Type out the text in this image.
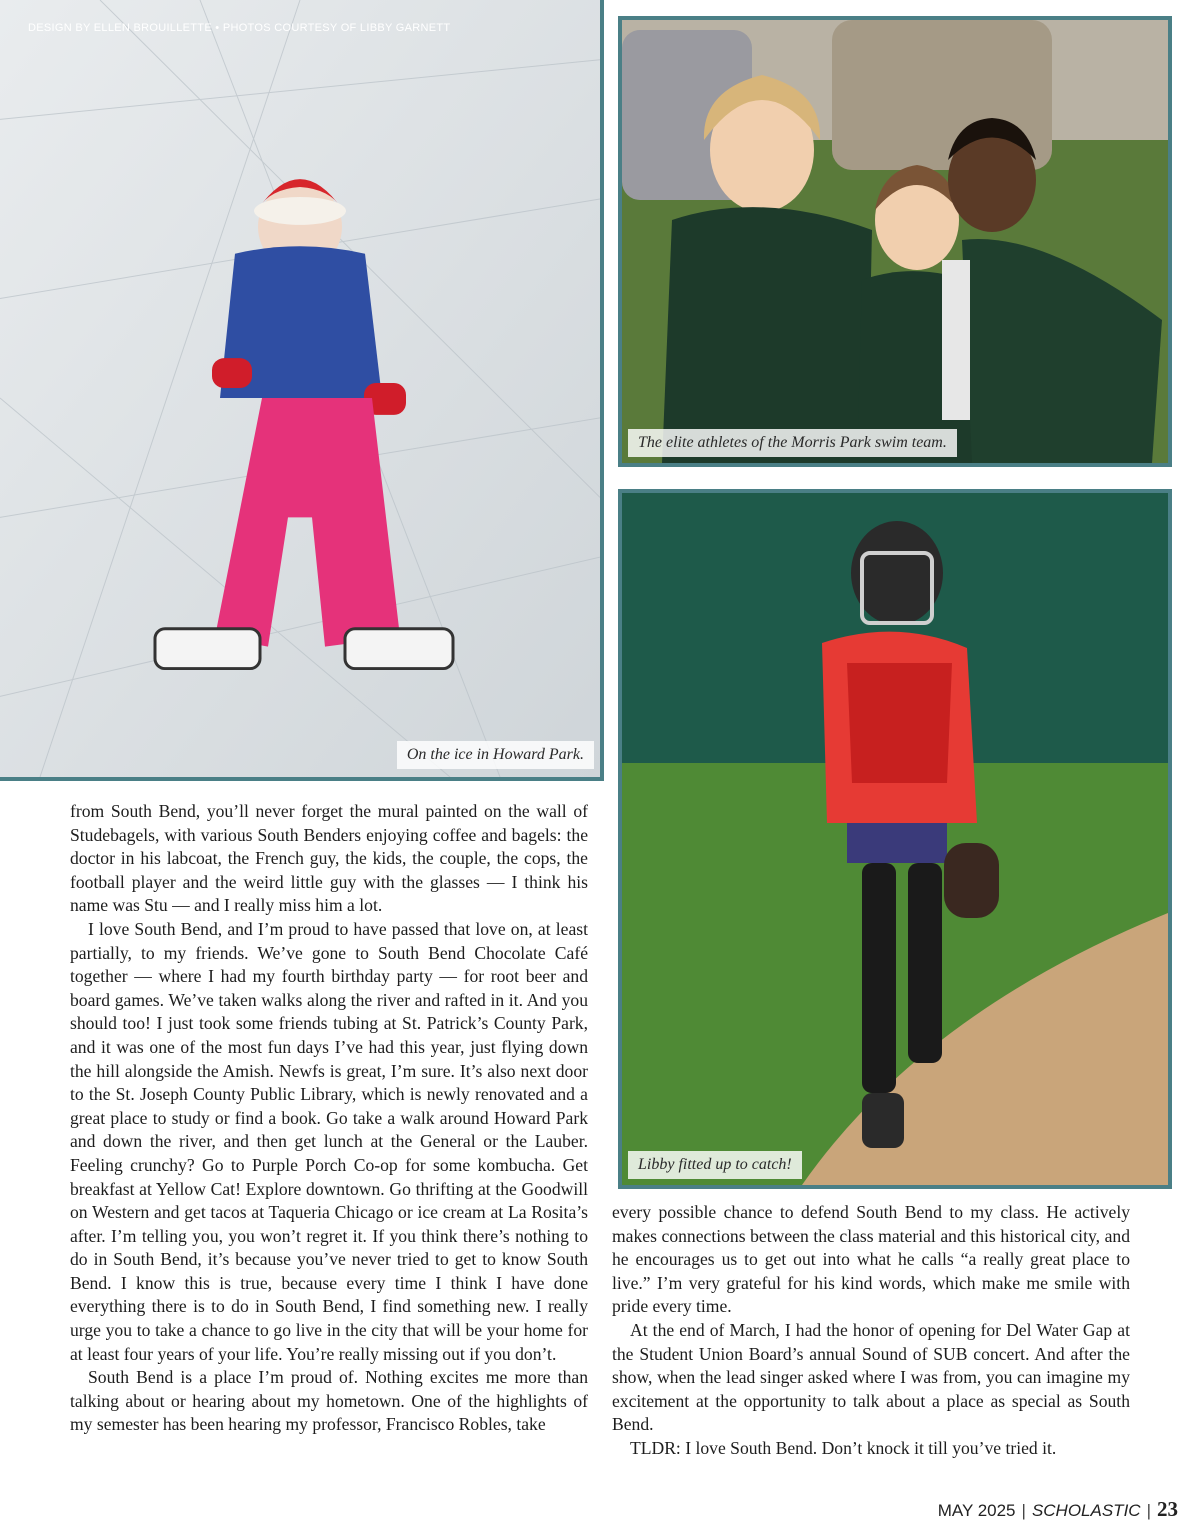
DESIGN BY ELLEN BROUILLETTE • PHOTOS COURTESY OF LIBBY GARNETT
On the ice in Howard Park.
The elite athletes of the Morris Park swim team.
Libby fitted up to catch!

from South Bend, you’ll never forget the mural painted on the wall of Studebagels, with various South Benders enjoying coffee and bagels: the doctor in his labcoat, the French guy, the kids, the couple, the cops, the football player and the weird little guy with the glasses — I think his name was Stu — and I really miss him a lot.

I love South Bend, and I’m proud to have passed that love on, at least partially, to my friends. We’ve gone to South Bend Chocolate Café together — where I had my fourth birthday party — for root beer and board games. We’ve taken walks along the river and rafted in it. And you should too! I just took some friends tubing at St. Patrick’s County Park, and it was one of the most fun days I’ve had this year, just flying down the hill alongside the Amish. Newfs is great, I’m sure. It’s also next door to the St. Joseph County Public Library, which is newly renovated and a great place to study or find a book. Go take a walk around Howard Park and down the river, and then get lunch at the General or the Lauber. Feeling crunchy? Go to Purple Porch Co-op for some kombucha. Get breakfast at Yellow Cat! Explore downtown. Go thrifting at the Goodwill on Western and get tacos at Taqueria Chicago or ice cream at La Rosita’s after. I’m telling you, you won’t regret it. If you think there’s nothing to do in South Bend, it’s because you’ve never tried to get to know South Bend. I know this is true, because every time I think I have done everything there is to do in South Bend, I find something new. I really urge you to take a chance to go live in the city that will be your home for at least four years of your life. You’re really missing out if you don’t.

South Bend is a place I’m proud of. Nothing excites me more than talking about or hearing about my hometown. One of the highlights of my semester has been hearing my professor, Francisco Robles, take

every possible chance to defend South Bend to my class. He actively makes connections between the class material and this historical city, and he encourages us to get out into what he calls “a really great place to live.” I’m very grateful for his kind words, which make me smile with pride every time.

At the end of March, I had the honor of opening for Del Water Gap at the Student Union Board’s annual Sound of SUB concert. And after the show, when the lead singer asked where I was from, you can imagine my excitement at the opportunity to talk about a place as special as South Bend.

TLDR: I love South Bend. Don’t knock it till you’ve tried it.

MAY 2025 | SCHOLASTIC | 23
